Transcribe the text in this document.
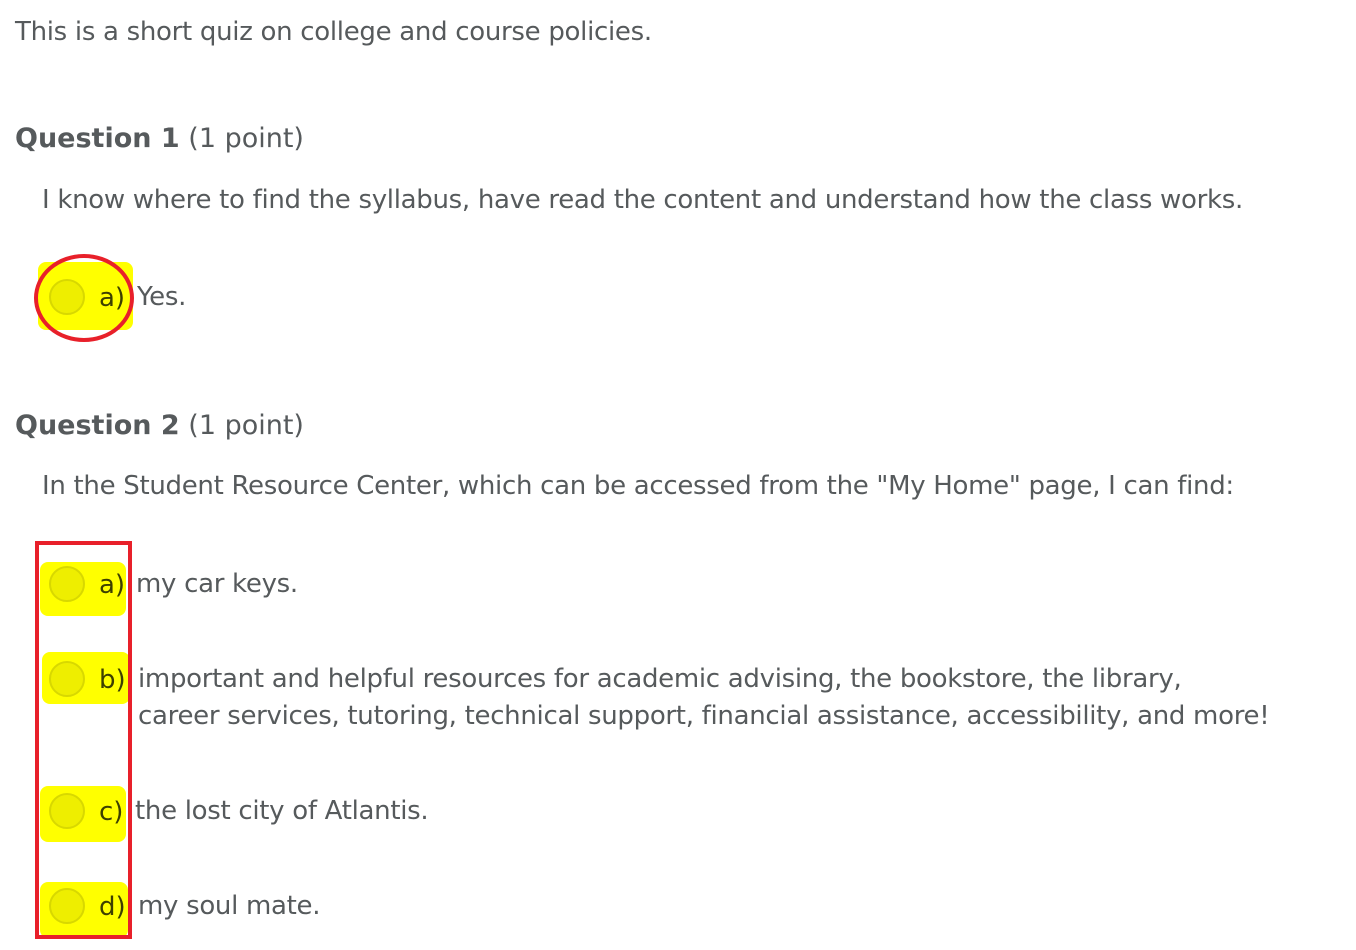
This is a short quiz on college and course policies.
Question 1 (1 point)
I know where to find the syllabus, have read the content and understand how the class works.
a) Yes.
Question 2 (1 point)
In the Student Resource Center, which can be accessed from the "My Home" page, I can find:
a) my car keys.
b) important and helpful resources for academic advising, the bookstore, the library,
career services, tutoring, technical support, financial assistance, accessibility, and more!
c) the lost city of Atlantis.
d) my soul mate.
